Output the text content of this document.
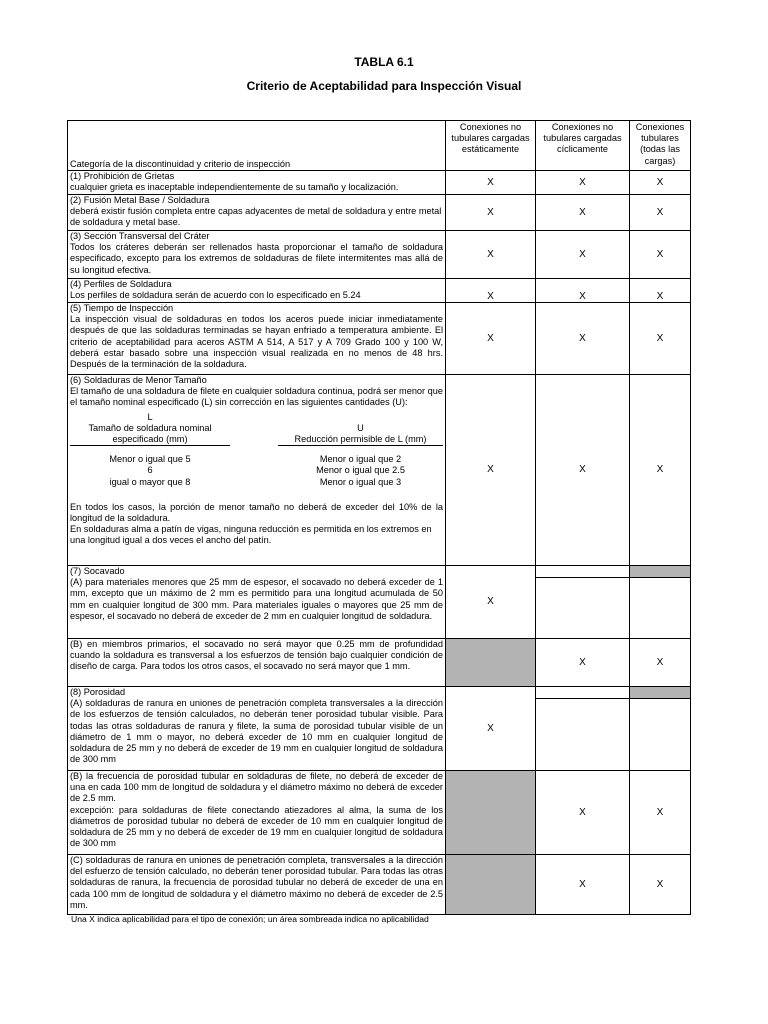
TABLA 6.1
Criterio de Aceptabilidad para Inspección Visual
Categoría de la discontinuidad y criterio de inspección	Conexiones no tubulares cargadas estáticamente	Conexiones no tubulares cargadas cíclicamente	Conexiones tubulares (todas las cargas)

(1) Prohibición de Grietas
cualquier grieta es inaceptable independientemente de su tamaño y localización.	X	X	X

(2) Fusión Metal Base / Soldadura
deberá existir fusión completa entre capas adyacentes de metal de soldadura y entre metal de soldadura y metal base.	X	X	X

(3) Sección Transversal del Cráter
Todos los cráteres deberán ser rellenados hasta proporcionar el tamaño de soldadura especificado, excepto para los extremos de soldaduras de filete intermitentes mas allá de su longitud efectiva.	X	X	X

(4) Perfiles de Soldadura
Los perfiles de soldadura serán de acuerdo con lo especificado en 5.24	X	X	X

(5) Tiempo de Inspección
La inspección visual de soldaduras en todos los aceros puede iniciar inmediatamente después de que las soldaduras terminadas se hayan enfriado a temperatura ambiente. El criterio de aceptabilidad para aceros ASTM A 514, A 517 y A 709 Grado 100 y 100 W, deberá estar basado sobre una inspección visual realizada en no menos de 48 hrs. Después de la terminación de la soldadura.	X	X	X

(6) Soldaduras de Menor Tamaño
El tamaño de una soldadura de filete en cualquier soldadura continua, podrá ser menor que el tamaño nominal especificado (L) sin corrección en las siguientes cantidades (U):
L		

Tamaño de soldadura nominal especificado (mm)

U
Reducción permisible de L (mm)

Menor o igual que 5		Menor o igual que 2
6		Menor o igual que 2.5
igual o mayor que 8		Menor o igual que 3
En todos los casos, la porción de menor tamaño no deberá de exceder del 10% de la longitud de la soldadura.
En soldaduras alma a patín de vigas, ninguna reducción es permitida en los extremos en una longitud igual a dos veces el ancho del patín.
	X	X	X

(7) Socavado
(A) para materiales menores que 25 mm de espesor, el socavado no deberá exceder de 1 mm, excepto que un máximo de 2 mm es permitido para una longitud acumulada de 50 mm en cualquier longitud de 300 mm. Para materiales iguales o mayores que 25 mm de espesor, el socavado no deberá de exceder de 2 mm en cualquier longitud de soldadura.	X	

(B) en miembros primarios, el socavado no será mayor que 0.25 mm de profundidad cuando la soldadura es transversal a los esfuerzos de tensión bajo cualquier condición de diseño de carga. Para todos los otros casos, el socavado no será mayor que 1 mm.		X	X

(8) Porosidad
(A) soldaduras de ranura en uniones de penetración completa transversales a la dirección de los esfuerzos de tensión calculados, no deberán tener porosidad tubular visible. Para todas las otras soldaduras de ranura y filete, la suma de porosidad tubular visible de un diámetro de 1 mm o mayor, no deberá exceder de 10 mm en cualquier longitud de soldadura de 25 mm y no deberá de exceder de 19 mm en cualquier longitud de soldadura de 300 mm	X	

(B) la frecuencia de porosidad tubular en soldaduras de filete, no deberá de exceder de una en cada 100 mm de longitud de soldadura y el diámetro máximo no deberá de exceder de 2.5 mm.
excepción: para soldaduras de filete conectando atiezadores al alma, la suma de los diámetros de porosidad tubular no deberá de exceder de 10 mm en cualquier longitud de soldadura de 25 mm y no deberá de exceder de 19 mm en cualquier longitud de soldadura de 300 mm
		X	X
(C) soldaduras de ranura en uniones de penetración completa, transversales a la dirección del esfuerzo de tensión calculado, no deberán tener porosidad tubular. Para todas las otras soldaduras de ranura, la frecuencia de porosidad tubular no deberá de exceder de una en cada 100 mm de longitud de soldadura y el diámetro máximo no deberá de exceder de 2.5 mm.		X	X
Una X indica aplicabilidad para el tipo de conexión; un área sombreada indica no aplicabilidad
